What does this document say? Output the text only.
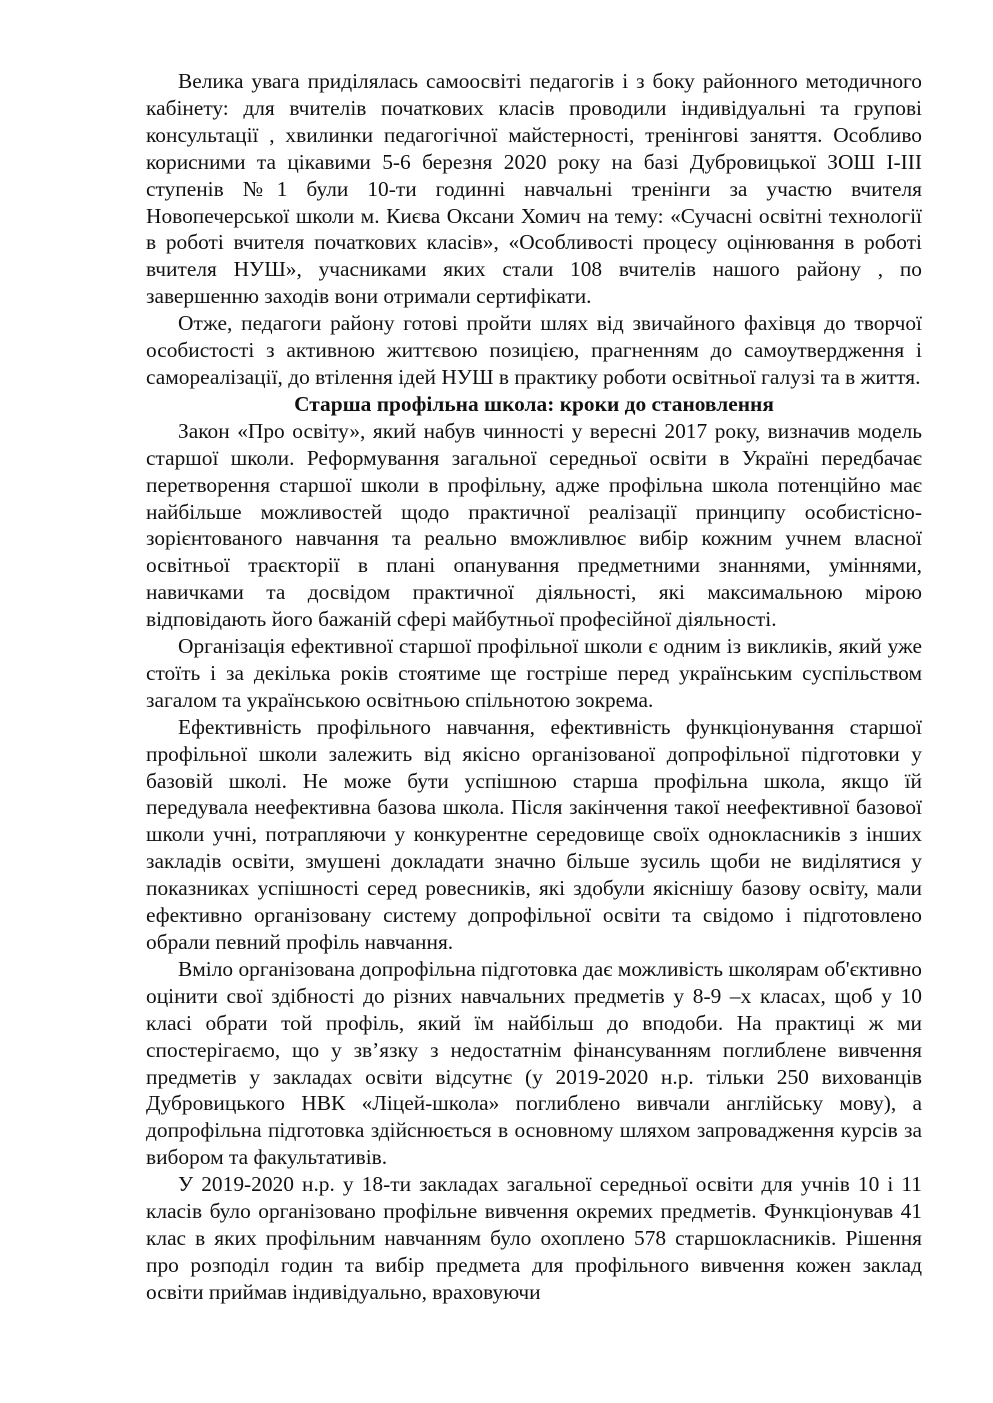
Велика увага приділялась самоосвіті педагогів і з боку районного методичного кабінету: для вчителів початкових класів проводили індивідуальні та групові консультації , хвилинки педагогічної майстерності, тренінгові заняття. Особливо корисними та цікавими 5-6 березня 2020 року на базі Дубровицької ЗОШ І-ІІІ ступенів №1 були 10-ти годинні навчальні тренінги за участю вчителя Новопечерської школи м. Києва Оксани Хомич на тему: «Сучасні освітні технології в роботі вчителя початкових класів», «Особливості процесу оцінювання в роботі вчителя НУШ», учасниками яких стали 108 вчителів нашого району , по завершенню заходів вони отримали сертифікати.

Отже, педагоги району готові пройти шлях від звичайного фахівця до творчої особистості з активною життєвою позицією, прагненням до самоутвердження і самореалізації, до втілення ідей НУШ в практику роботи освітньої галузі та в життя.

Старша профільна школа: кроки до становлення

Закон «Про освіту», який набув чинності у вересні 2017 року, визначив модель старшої школи. Реформування загальної середньої освіти в Україні передбачає перетворення старшої школи в профільну, адже профільна школа потенційно має найбільше можливостей щодо практичної реалізації принципу особистісно-зорієнтованого навчання та реально вможливлює вибір кожним учнем власної освітньої траєкторії в плані опанування предметними знаннями, уміннями, навичками та досвідом практичної діяльності, які максимальною мірою відповідають його бажаній сфері майбутньої професійної діяльності.

Організація ефективної старшої профільної школи є одним із викликів, який уже стоїть і за декілька років стоятиме ще гостріше перед українським суспільством загалом та українською освітньою спільнотою зокрема.

Ефективність профільного навчання, ефективність функціонування старшої профільної школи залежить від якісно організованої допрофільної підготовки у базовій школі. Не може бути успішною старша профільна школа, якщо їй передувала неефективна базова школа. Після закінчення такої неефективної базової школи учні, потрапляючи у конкурентне середовище своїх однокласників з інших закладів освіти, змушені докладати значно більше зусиль щоби не виділятися у показниках успішності серед ровесників, які здобули якіснішу базову освіту, мали ефективно організовану систему допрофільної освіти та свідомо і підготовлено обрали певний профіль навчання.

Вміло організована допрофільна підготовка дає можливість школярам об'єктивно оцінити свої здібності до різних навчальних предметів у 8-9 –х класах, щоб у 10 класі обрати той профіль, який їм найбільш до вподоби. На практиці ж ми спостерігаємо, що у зв’язку з недостатнім фінансуванням поглиблене вивчення предметів у закладах освіти відсутнє (у 2019-2020 н.р. тільки 250 вихованців Дубровицького НВК «Ліцей-школа» поглиблено вивчали англійську мову), а допрофільна підготовка здійснюється в основному шляхом запровадження курсів за вибором та факультативів.

У 2019-2020 н.р. у 18-ти закладах загальної середньої освіти для учнів 10 і 11 класів було організовано профільне вивчення окремих предметів. Функціонував 41 клас в яких профільним навчанням було охоплено 578 старшокласників. Рішення про розподіл годин та вибір предмета для профільного вивчення кожен заклад освіти приймав індивідуально, враховуючи
